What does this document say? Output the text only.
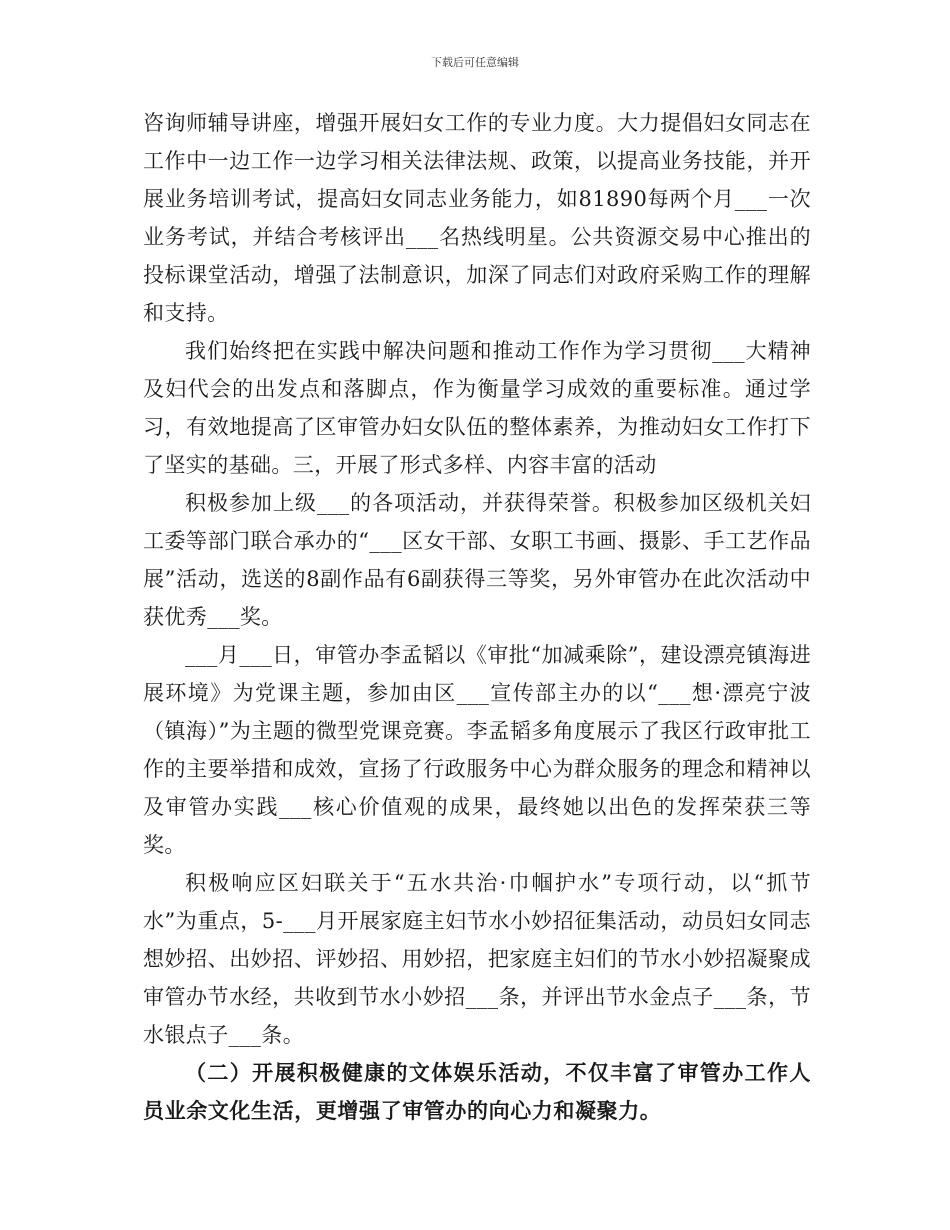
下载后可任意编辑

咨询师辅导讲座，增强开展妇女工作的专业力度。大力提倡妇女同志在工作中一边工作一边学习相关法律法规、政策，以提高业务技能，并开展业务培训考试，提高妇女同志业务能力，如81890每两个月___一次业务考试，并结合考核评出___名热线明星。公共资源交易中心推出的投标课堂活动，增强了法制意识，加深了同志们对政府采购工作的理解和支持。

我们始终把在实践中解决问题和推动工作作为学习贯彻___大精神及妇代会的出发点和落脚点，作为衡量学习成效的重要标准。通过学习，有效地提高了区审管办妇女队伍的整体素养，为推动妇女工作打下了坚实的基础。三，开展了形式多样、内容丰富的活动

积极参加上级___的各项活动，并获得荣誉。积极参加区级机关妇工委等部门联合承办的“___区女干部、女职工书画、摄影、手工艺作品展”活动，选送的8副作品有6副获得三等奖，另外审管办在此次活动中获优秀___奖。

___月___日，审管办李孟韬以《审批“加减乘除”，建设漂亮镇海进展环境》为党课主题，参加由区___宣传部主办的以“___想·漂亮宁波（镇海）”为主题的微型党课竞赛。李孟韬多角度展示了我区行政审批工作的主要举措和成效，宣扬了行政服务中心为群众服务的理念和精神以及审管办实践___核心价值观的成果，最终她以出色的发挥荣获三等奖。

积极响应区妇联关于“五水共治·巾帼护水”专项行动，以“抓节水”为重点，5-___月开展家庭主妇节水小妙招征集活动，动员妇女同志想妙招、出妙招、评妙招、用妙招，把家庭主妇们的节水小妙招凝聚成审管办节水经，共收到节水小妙招___条，并评出节水金点子___条，节水银点子___条。

（二）开展积极健康的文体娱乐活动，不仅丰富了审管办工作人员业余文化生活，更增强了审管办的向心力和凝聚力。
